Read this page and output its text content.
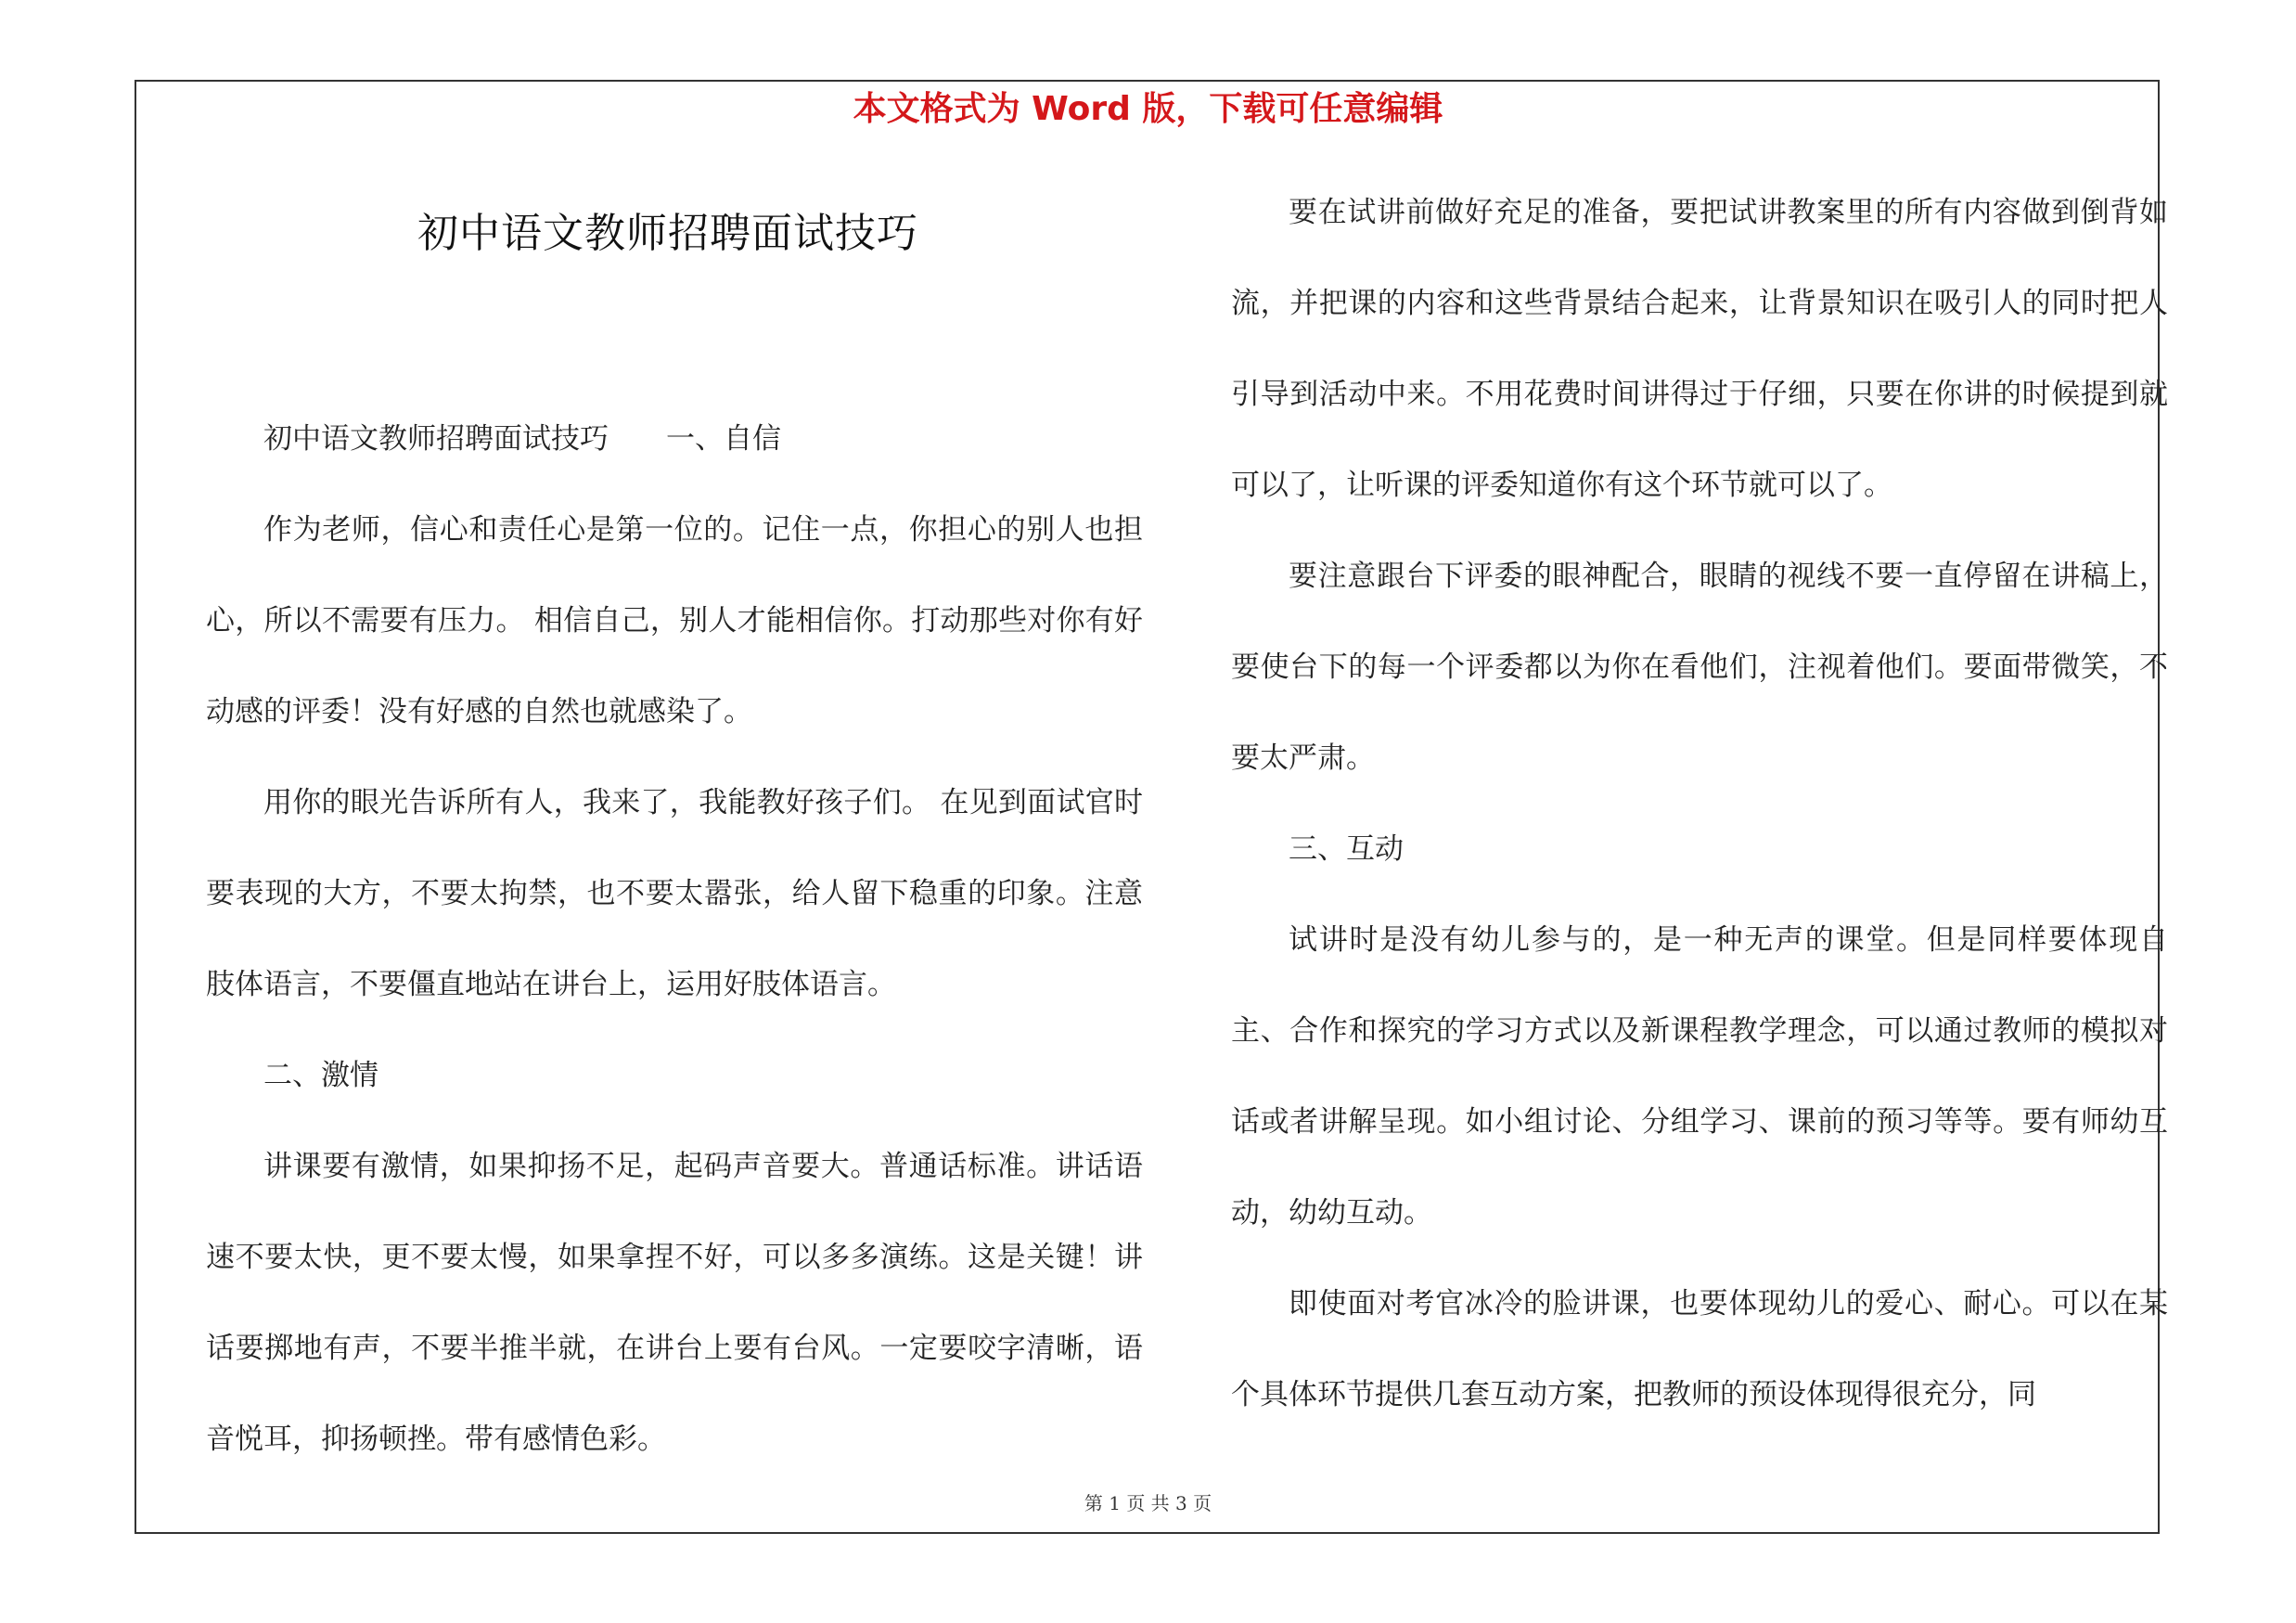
本文格式为 Word 版，下载可任意编辑
初中语文教师招聘面试技巧

初中语文教师招聘面试技巧　　一、自信

作为老师，信心和责任心是第一位的。记住一点，你担心的别人也担心，所以不需要有压力。 相信自己，别人才能相信你。打动那些对你有好动感的评委！没有好感的自然也就感染了。

用你的眼光告诉所有人，我来了，我能教好孩子们。 在见到面试官时要表现的大方，不要太拘禁，也不要太嚣张，给人留下稳重的印象。注意肢体语言，不要僵直地站在讲台上，运用好肢体语言。

二、激情

讲课要有激情，如果抑扬不足，起码声音要大。普通话标准。讲话语速不要太快，更不要太慢，如果拿捏不好，可以多多演练。这是关键！讲话要掷地有声，不要半推半就，在讲台上要有台风。一定要咬字清晰，语音悦耳，抑扬顿挫。带有感情色彩。

要在试讲前做好充足的准备，要把试讲教案里的所有内容做到倒背如流，并把课的内容和这些背景结合起来，让背景知识在吸引人的同时把人引导到活动中来。不用花费时间讲得过于仔细，只要在你讲的时候提到就可以了，让听课的评委知道你有这个环节就可以了。

要注意跟台下评委的眼神配合，眼睛的视线不要一直停留在讲稿上，要使台下的每一个评委都以为你在看他们，注视着他们。要面带微笑，不要太严肃。

三、互动

试讲时是没有幼儿参与的，是一种无声的课堂。但是同样要体现自主、合作和探究的学习方式以及新课程教学理念，可以通过教师的模拟对话或者讲解呈现。如小组讨论、分组学习、课前的预习等等。要有师幼互动，幼幼互动。

即使面对考官冰冷的脸讲课，也要体现幼儿的爱心、耐心。可以在某个具体环节提供几套互动方案，把教师的预设体现得很充分，同

第 1 页 共 3 页
